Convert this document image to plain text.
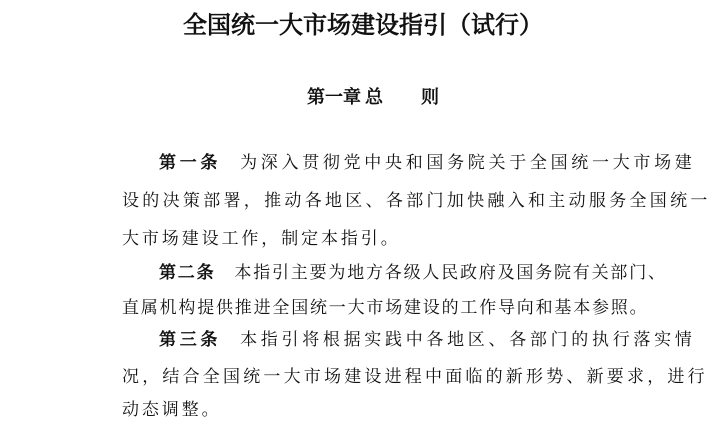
全国统一大市场建设指引（试行）
第一章 总 则
第一条 为深入贯彻党中央和国务院关于全国统一大市场建
设的决策部署，推动各地区、各部门加快融入和主动服务全国统一
大市场建设工作，制定本指引。
第二条 本指引主要为地方各级人民政府及国务院有关部门、
直属机构提供推进全国统一大市场建设的工作导向和基本参照。
第三条 本指引将根据实践中各地区、各部门的执行落实情
况，结合全国统一大市场建设进程中面临的新形势、新要求，进行
动态调整。
